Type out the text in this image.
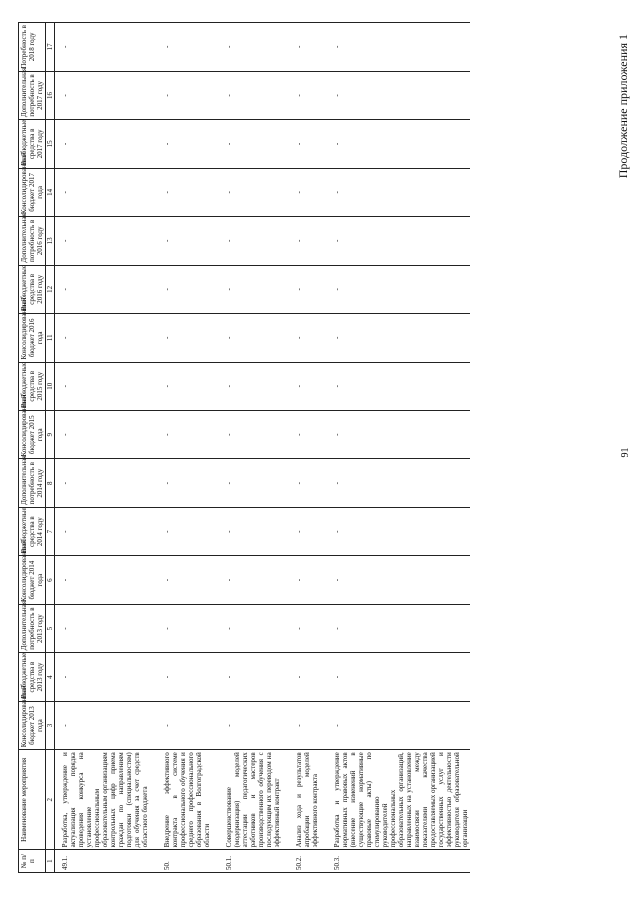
№ п/п	Наименование мероприятия	Консолидированный бюджет 2013 года	Внебюджетные средства в 2013 году	Дополнительная потребность в 2013 году	Консолидированный бюджет 2014 года	Внебюджетные средства в 2014 году	Дополнительная потребность в 2014 году	Консолидированный бюджет 2015 года	Внебюджетные средства в 2015 году	Консолидированный бюджет 2016 года	Внебюджетные средства в 2016 году	Дополнительная потребность в 2016 году	Консолидированный бюджет 2017 года	Внебюджетные средства в 2017 году	Дополнительная потребность в 2017 году	Потребность в 2018 году
1	2	3	4	5	6	7	8	9	10	11	12	13	14	15	16	17
49.1.	Разработка, утверждение и актуализация порядка проведения конкурса на установление профессиональным образовательным организациям контрольных цифр приема граждан по направлениям подготовки (специальностям) для обучения за счет средств областного бюджета	-	-	-	-	-	-	-	-	-	-	-	-	-	-	-
50.	Внедрение эффективного контракта в системе профессионального обучения и среднего профессионального образования в Волгоградской области	-	-	-	-	-	-	-	-	-	-	-	-	-	-	-
50.1.	Совершенствование (модернизация) моделей аттестации педагогических работников и мастеров производственного обучения с последующим их переводом на эффективный контракт	-	-	-	-	-	-	-	-	-	-	-	-	-	-	-
50.2.	Анализ хода и результатов апробации моделей эффективного контракта	-	-	-	-	-	-	-	-	-	-	-	-	-	-	-
50.3.	Разработка и утверждение нормативных правовых актов (внесение изменений в существующие нормативные правовые акты) по стимулированию руководителей профессиональных образовательных организаций, направленных на установление взаимосвязи между показателями качества предоставляемых организацией государственных услуг и эффективностью деятельности руководителя образовательной организации	-	-	-	-	-	-	-	-	-	-	-	-	-	-	-
91
Продолжение приложения 1
